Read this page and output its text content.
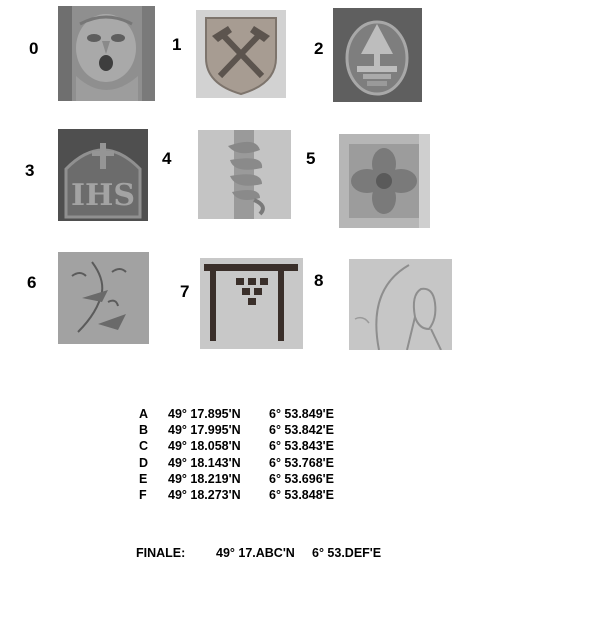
0	1	2
3
4	5
6	7
8
IHS
A 49° 17.895'N 6° 53.849'E
B 49° 17.995'N 6° 53.842'E
C 49° 18.058'N 6° 53.843'E
D 49° 18.143'N 6° 53.768'E
E 49° 18.219'N 6° 53.696'E
F 49° 18.273'N 6° 53.848'E
FINALE: 49° 17.ABC'N 6° 53.DEF'E
